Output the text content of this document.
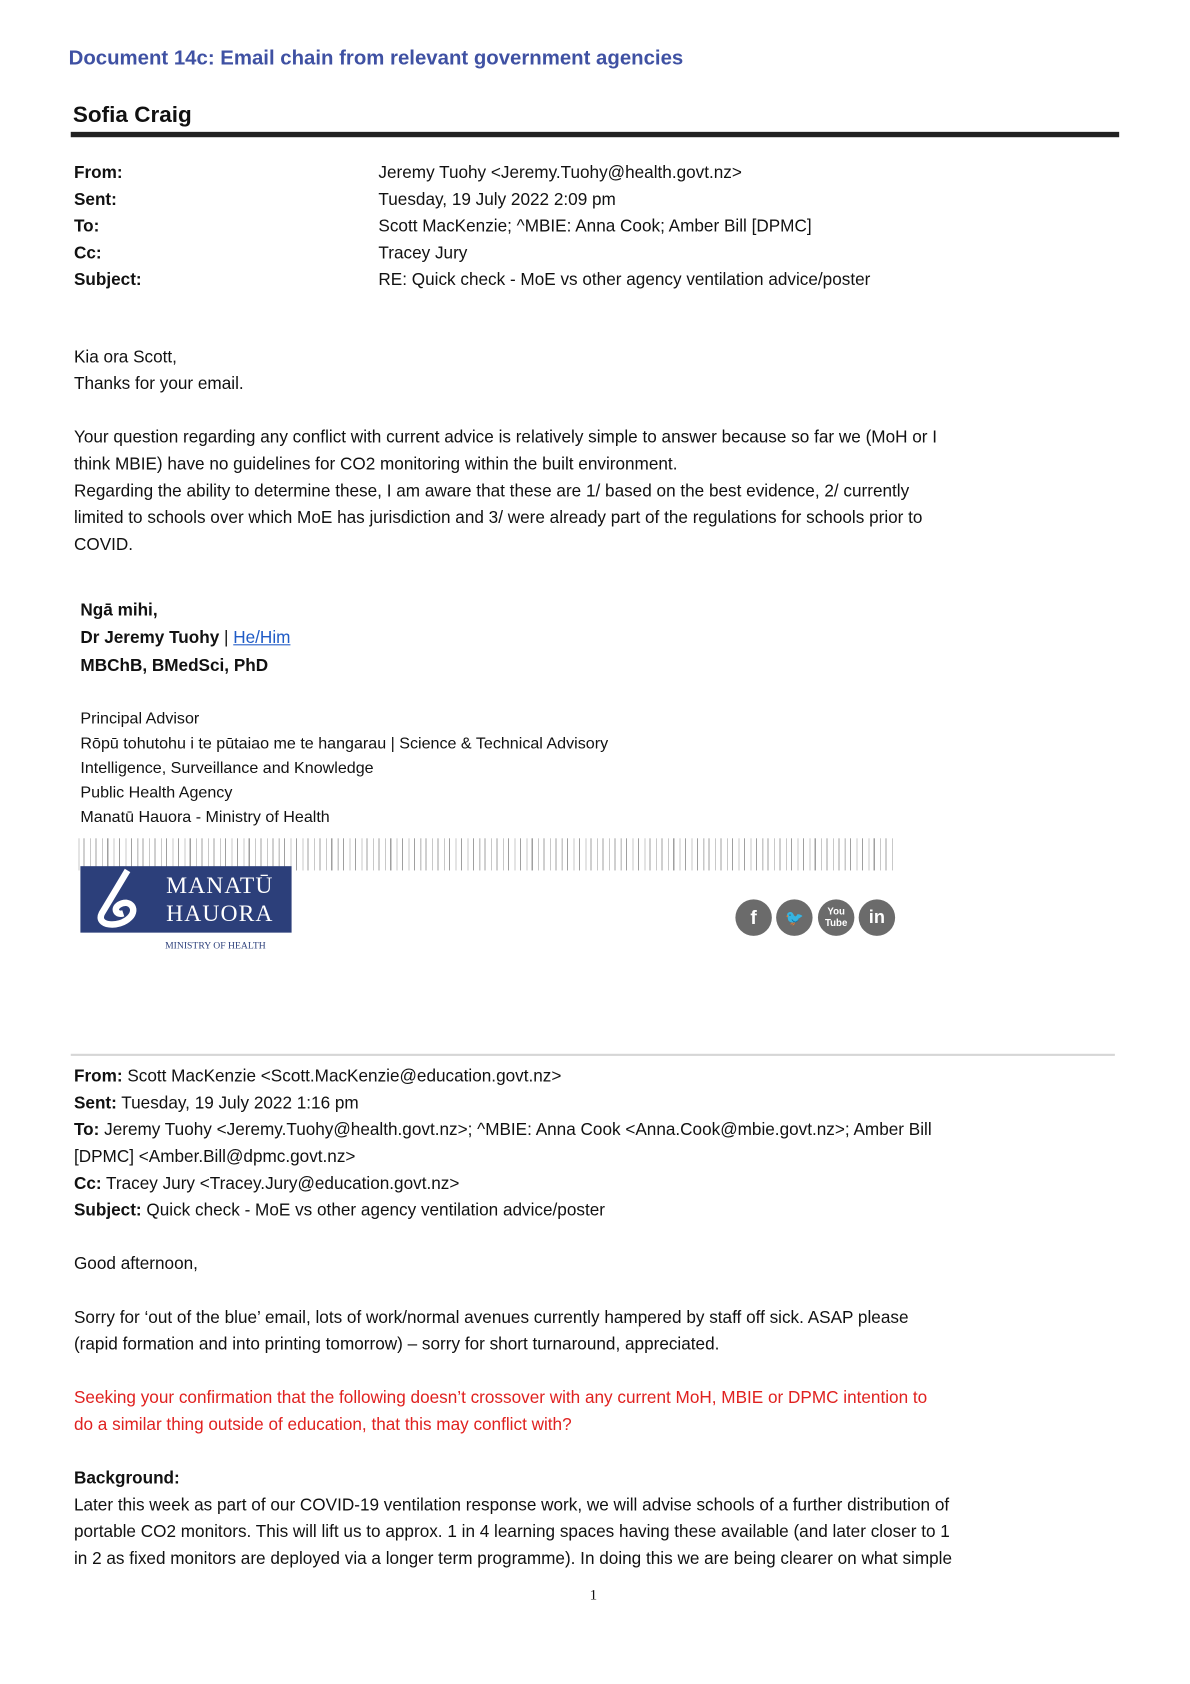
Document 14c: Email chain from relevant government agencies
Sofia Craig
From:	Jeremy Tuohy <Jeremy.Tuohy@health.govt.nz>
Sent:	Tuesday, 19 July 2022 2:09 pm
To:	Scott MacKenzie; ^MBIE: Anna Cook; Amber Bill [DPMC]
Cc:	Tracey Jury
Subject:	RE: Quick check - MoE vs other agency ventilation advice/poster
Kia ora Scott,
Thanks for your email.
Your question regarding any conflict with current advice is relatively simple to answer because so far we (MoH or I
think MBIE) have no guidelines for CO2 monitoring within the built environment.
Regarding the ability to determine these, I am aware that these are 1/ based on the best evidence, 2/ currently
limited to schools over which MoE has jurisdiction and 3/ were already part of the regulations for schools prior to
COVID.
Ngā mihi,
Dr Jeremy Tuohy | He/Him
MBChB, BMedSci, PhD
Principal Advisor
Rōpū tohutohu i te pūtaiao me te hangarau | Science & Technical Advisory
Intelligence, Surveillance and Knowledge
Public Health Agency
Manatū Hauora - Ministry of Health
MANATŪ
HAUORA
MINISTRY OF HEALTH
f	🐦	You
Tube	in
From: Scott MacKenzie <Scott.MacKenzie@education.govt.nz>
Sent: Tuesday, 19 July 2022 1:16 pm
To: Jeremy Tuohy <Jeremy.Tuohy@health.govt.nz>; ^MBIE: Anna Cook <Anna.Cook@mbie.govt.nz>; Amber Bill
[DPMC] <Amber.Bill@dpmc.govt.nz>
Cc: Tracey Jury <Tracey.Jury@education.govt.nz>
Subject: Quick check - MoE vs other agency ventilation advice/poster
Good afternoon,
Sorry for ‘out of the blue’ email, lots of work/normal avenues currently hampered by staff off sick. ASAP please
(rapid formation and into printing tomorrow) – sorry for short turnaround, appreciated.
Seeking your confirmation that the following doesn’t crossover with any current MoH, MBIE or DPMC intention to
do a similar thing outside of education, that this may conflict with?
Background:
Later this week as part of our COVID-19 ventilation response work, we will advise schools of a further distribution of
portable CO2 monitors. This will lift us to approx. 1 in 4 learning spaces having these available (and later closer to 1
in 2 as fixed monitors are deployed via a longer term programme). In doing this we are being clearer on what simple
1
